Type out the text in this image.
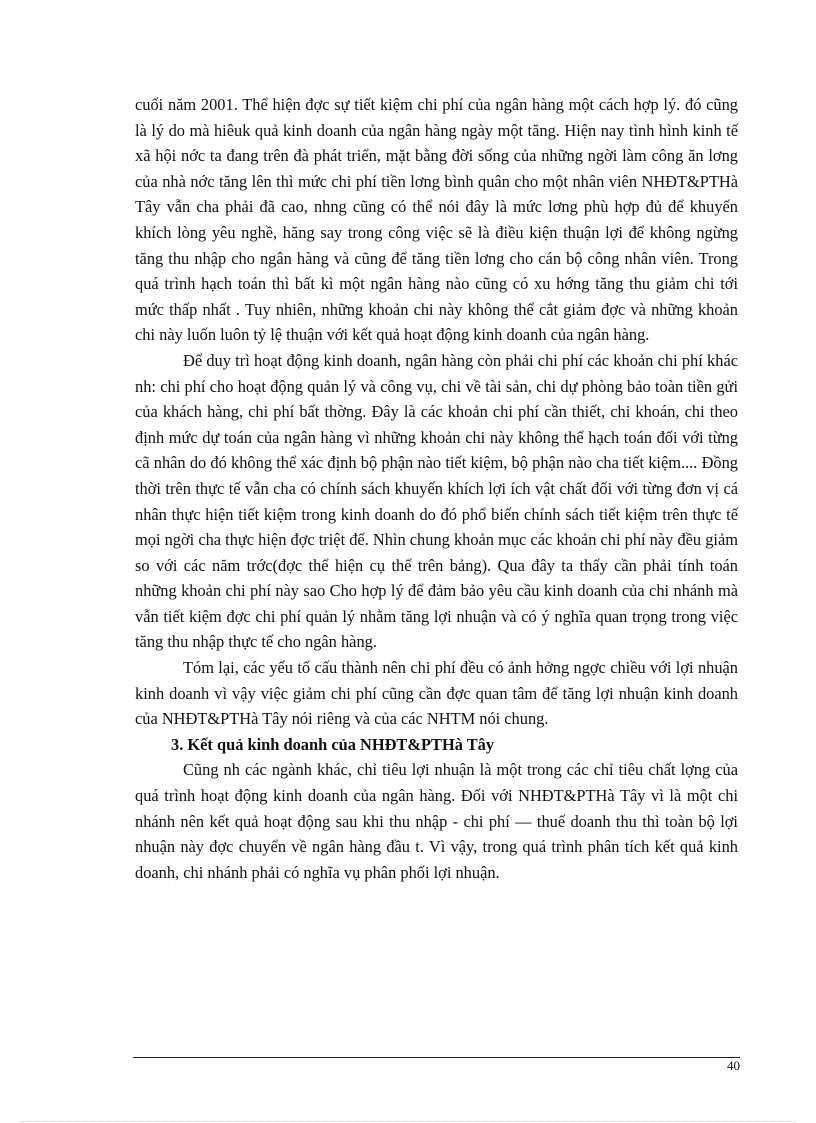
cuối năm 2001. Thể hiện đợc sự tiết kiệm chi phí của ngân hàng một cách hợp lý. đó cũng là lý do mà hiêuk quả kinh doanh của ngân hàng ngày một tăng. Hiện nay tình hình kinh tế xã hội nớc ta đang trên đà phát triển, mặt bằng đời sống của những ngời làm công ăn lơng của nhà nớc tăng lên thì mức chi phí tiền lơng bình quân cho một nhân viên NHĐT&PTHà Tây vẫn cha phải đã cao, nhng cũng có thể nói đây là mức lơng phù hợp đủ để khuyến khích lòng yêu nghề, hăng say trong công việc sẽ là điều kiện thuận lợi để không ngừng tăng thu nhập cho ngân hàng và cũng để tăng tiền lơng cho cán bộ công nhân viên. Trong quá trình hạch toán thì bất kì một ngân hàng nào cũng có xu hớng tăng thu giảm chi tới mức thấp nhất . Tuy nhiên, những khoản chi này không thể cắt giảm đợc và những khoản chi này luốn luôn tỷ lệ thuận với kết quả hoạt động kinh doanh của ngân hàng.

Để duy trì hoạt động kinh doanh, ngân hàng còn phải chi phí các khoản chi phí khác nh: chi phí cho hoạt động quản lý và công vụ, chi về tài sản, chi dự phòng bảo toàn tiền gửi của khách hàng, chi phí bất thờng. Đây là các khoản chi phí cần thiết, chi khoán, chi theo định mức dự toán của ngân hàng vì những khoản chi này không thể hạch toán đối với từng cã nhân do đó không thể xác định bộ phận nào tiết kiệm, bộ phận nào cha tiết kiệm.... Đồng thời trên thực tế vẫn cha có chính sách khuyến khích lợi ích vật chất đối với từng đơn vị cá nhân thực hiện tiết kiệm trong kinh doanh do đó phổ biến chính sách tiết kiệm trên thực tế mọi ngời cha thực hiện đợc triệt để. Nhìn chung khoản mục các khoản chi phí này đều giảm so với các năm trớc(đợc thể hiện cụ thể trên bảng). Qua đây ta thấy cần phải tính toán những khoản chi phí này sao Cho hợp lý để đảm bảo yêu cầu kinh doanh của chi nhánh mà vẫn tiết kiệm đợc chi phí quản lý nhằm tăng lợi nhuận và có ý nghĩa quan trọng trong việc tăng thu nhập thực tế cho ngân hàng.

Tóm lại, các yếu tố cấu thành nên chi phí đều có ảnh hởng ngợc chiều với lợi nhuận kinh doanh vì vậy việc giảm chi phí cũng cần đợc quan tâm để tăng lợi nhuận kinh doanh của NHĐT&PTHà Tây nói riêng và của các NHTM nói chung.

3. Kết quả kinh doanh của NHĐT&PTHà Tây

Cũng nh các ngành khác, chỉ tiêu lợi nhuận là một trong các chỉ tiêu chất lợng của quá trình hoạt động kinh doanh của ngân hàng. Đối với NHĐT&PTHà Tây vì là một chi nhánh nên kết quả hoạt động sau khi thu nhập - chi phí — thuế doanh thu thì toàn bộ lợi nhuận này đợc chuyển về ngân hàng đầu t. Vì vậy, trong quá trình phân tích kết quả kinh doanh, chi nhánh phải có nghĩa vụ phân phối lợi nhuận.

40
